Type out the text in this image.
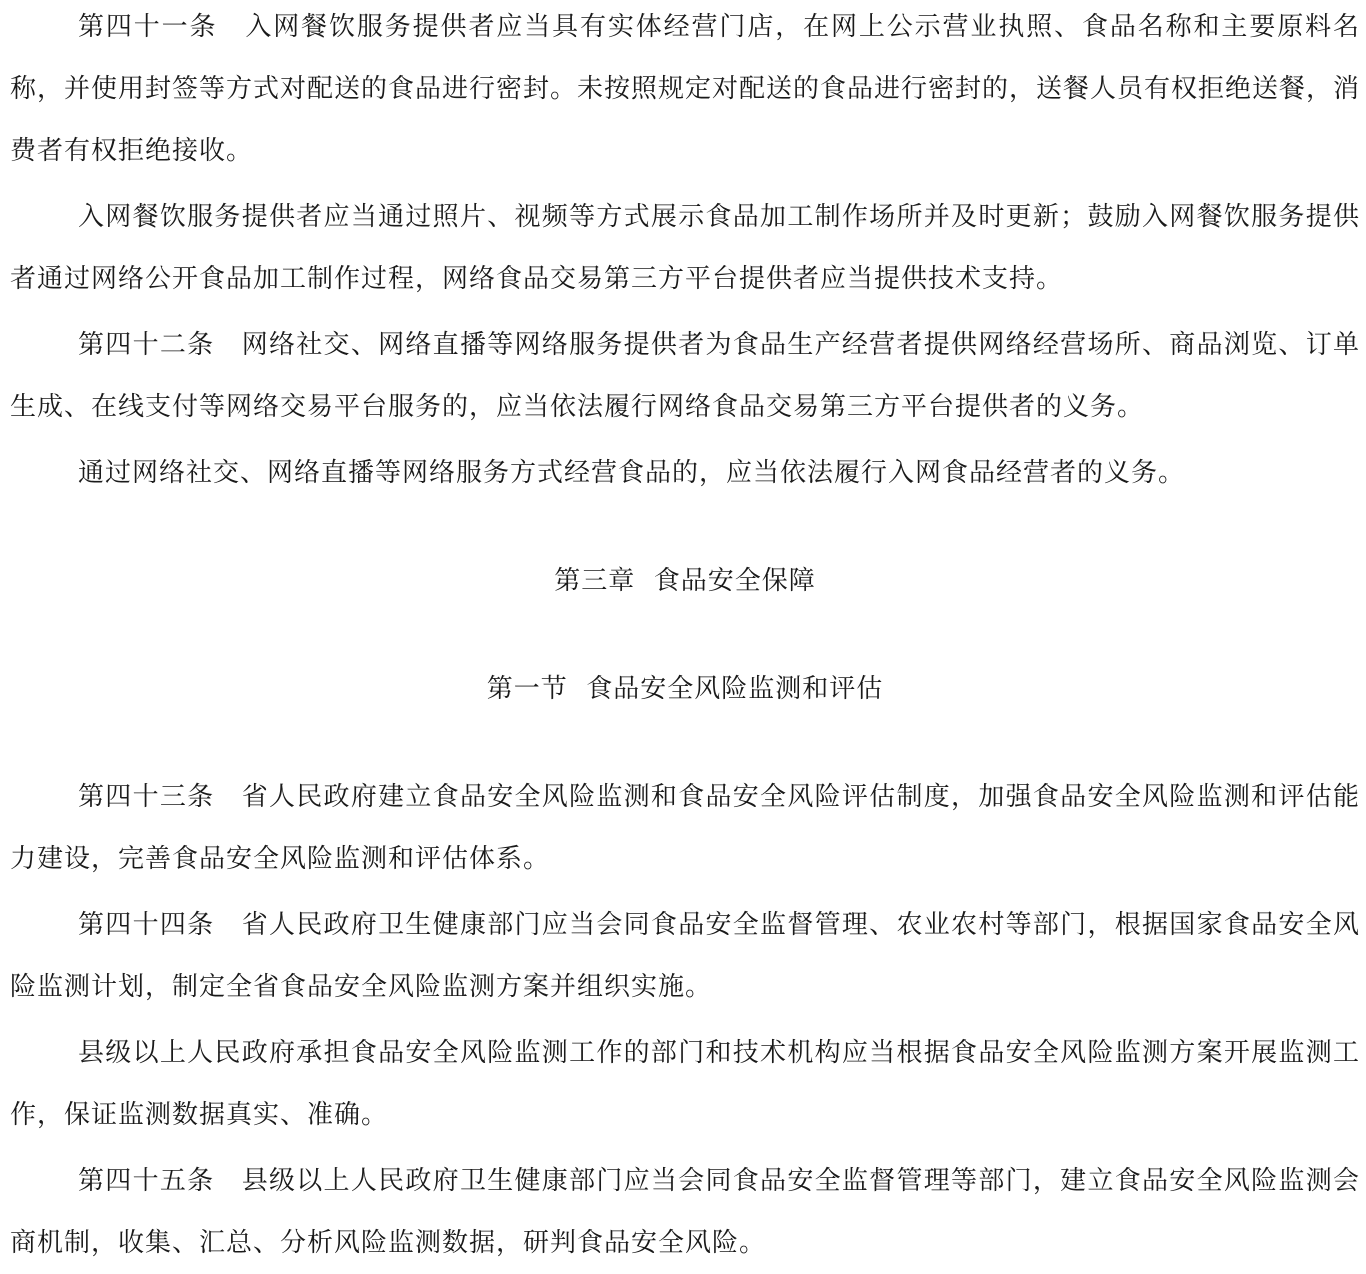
第四十一条　入网餐饮服务提供者应当具有实体经营门店，在网上公示营业执照、食品名称和主要原料名称，并使用封签等方式对配送的食品进行密封。未按照规定对配送的食品进行密封的，送餐人员有权拒绝送餐，消费者有权拒绝接收。

入网餐饮服务提供者应当通过照片、视频等方式展示食品加工制作场所并及时更新；鼓励入网餐饮服务提供者通过网络公开食品加工制作过程，网络食品交易第三方平台提供者应当提供技术支持。

第四十二条　网络社交、网络直播等网络服务提供者为食品生产经营者提供网络经营场所、商品浏览、订单生成、在线支付等网络交易平台服务的，应当依法履行网络食品交易第三方平台提供者的义务。

通过网络社交、网络直播等网络服务方式经营食品的，应当依法履行入网食品经营者的义务。

第三章  食品安全保障

第一节  食品安全风险监测和评估

第四十三条　省人民政府建立食品安全风险监测和食品安全风险评估制度，加强食品安全风险监测和评估能力建设，完善食品安全风险监测和评估体系。

第四十四条　省人民政府卫生健康部门应当会同食品安全监督管理、农业农村等部门，根据国家食品安全风险监测计划，制定全省食品安全风险监测方案并组织实施。

县级以上人民政府承担食品安全风险监测工作的部门和技术机构应当根据食品安全风险监测方案开展监测工作，保证监测数据真实、准确。

第四十五条　县级以上人民政府卫生健康部门应当会同食品安全监督管理等部门，建立食品安全风险监测会商机制，收集、汇总、分析风险监测数据，研判食品安全风险。
